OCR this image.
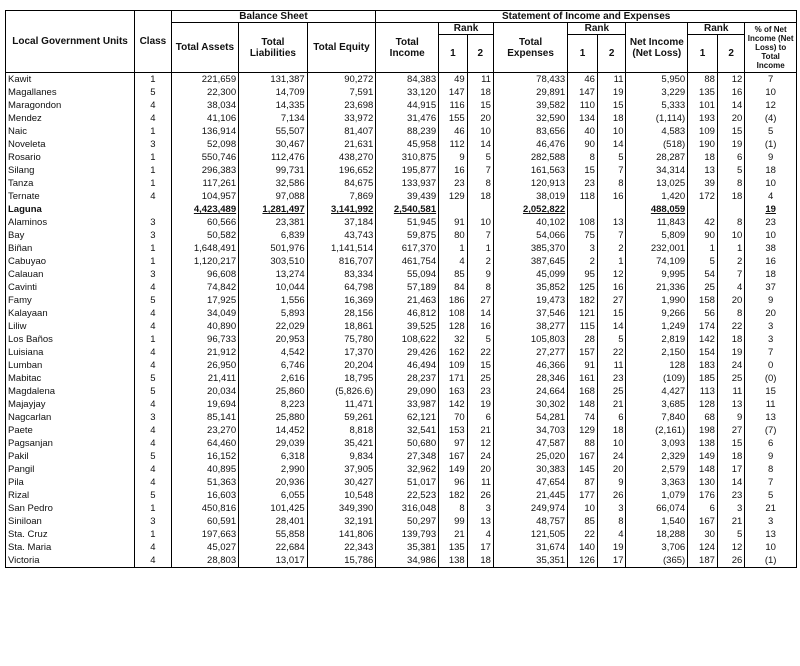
Local Government Units	Class	Balance Sheet			Statement of Income and Expenses									
		Total Assets	Total Liabilities	Total Equity	Total Income	Rank		Total Expenses	Rank		Net Income (Net Loss)	Rank		% of Net Income (Net Loss) to Total Income
						1	2		1	2		1	2	
Kawit	1	221,659	131,387	90,272	84,383	49	11	78,433	46	11	5,950	88	12	7
Magallanes	5	22,300	14,709	7,591	33,120	147	18	29,891	147	19	3,229	135	16	10
Maragondon	4	38,034	14,335	23,698	44,915	116	15	39,582	110	15	5,333	101	14	12
Mendez	4	41,106	7,134	33,972	31,476	155	20	32,590	134	18	(1,114)	193	20	(4)
Naic	1	136,914	55,507	81,407	88,239	46	10	83,656	40	10	4,583	109	15	5
Noveleta	3	52,098	30,467	21,631	45,958	112	14	46,476	90	14	(518)	190	19	(1)
Rosario	1	550,746	112,476	438,270	310,875	9	5	282,588	8	5	28,287	18	6	9
Silang	1	296,383	99,731	196,652	195,877	16	7	161,563	15	7	34,314	13	5	18
Tanza	1	117,261	32,586	84,675	133,937	23	8	120,913	23	8	13,025	39	8	10
Ternate	4	104,957	97,088	7,869	39,439	129	18	38,019	118	16	1,420	172	18	4
Laguna		4,423,489	1,281,497	3,141,992	2,540,581			2,052,822			488,059			19
Alaminos	3	60,566	23,381	37,184	51,945	91	10	40,102	108	13	11,843	42	8	23
Bay	3	50,582	6,839	43,743	59,875	80	7	54,066	75	7	5,809	90	10	10
Biñan	1	1,648,491	501,976	1,141,514	617,370	1	1	385,370	3	2	232,001	1	1	38
Cabuyao	1	1,120,217	303,510	816,707	461,754	4	2	387,645	2	1	74,109	5	2	16
Calauan	3	96,608	13,274	83,334	55,094	85	9	45,099	95	12	9,995	54	7	18
Cavinti	4	74,842	10,044	64,798	57,189	84	8	35,852	125	16	21,336	25	4	37
Famy	5	17,925	1,556	16,369	21,463	186	27	19,473	182	27	1,990	158	20	9
Kalayaan	4	34,049	5,893	28,156	46,812	108	14	37,546	121	15	9,266	56	8	20
Liliw	4	40,890	22,029	18,861	39,525	128	16	38,277	115	14	1,249	174	22	3
Los Baños	1	96,733	20,953	75,780	108,622	32	5	105,803	28	5	2,819	142	18	3
Luisiana	4	21,912	4,542	17,370	29,426	162	22	27,277	157	22	2,150	154	19	7
Lumban	4	26,950	6,746	20,204	46,494	109	15	46,366	91	11	128	183	24	0
Mabitac	5	21,411	2,616	18,795	28,237	171	25	28,346	161	23	(109)	185	25	(0)
Magdalena	5	20,034	25,860	(5,826.6)	29,090	163	23	24,664	168	25	4,427	113	11	15
Majayjay	4	19,694	8,223	11,471	33,987	142	19	30,302	148	21	3,685	128	13	11
Nagcarlan	3	85,141	25,880	59,261	62,121	70	6	54,281	74	6	7,840	68	9	13
Paete	4	23,270	14,452	8,818	32,541	153	21	34,703	129	18	(2,161)	198	27	(7)
Pagsanjan	4	64,460	29,039	35,421	50,680	97	12	47,587	88	10	3,093	138	15	6
Pakil	5	16,152	6,318	9,834	27,348	167	24	25,020	167	24	2,329	149	18	9
Pangil	4	40,895	2,990	37,905	32,962	149	20	30,383	145	20	2,579	148	17	8
Pila	4	51,363	20,936	30,427	51,017	96	11	47,654	87	9	3,363	130	14	7
Rizal	5	16,603	6,055	10,548	22,523	182	26	21,445	177	26	1,079	176	23	5
San Pedro	1	450,816	101,425	349,390	316,048	8	3	249,974	10	3	66,074	6	3	21
Siniloan	3	60,591	28,401	32,191	50,297	99	13	48,757	85	8	1,540	167	21	3
Sta. Cruz	1	197,663	55,858	141,806	139,793	21	4	121,505	22	4	18,288	30	5	13
Sta. Maria	4	45,027	22,684	22,343	35,381	135	17	31,674	140	19	3,706	124	12	10
Victoria	4	28,803	13,017	15,786	34,986	138	18	35,351	126	17	(365)	187	26	(1)
